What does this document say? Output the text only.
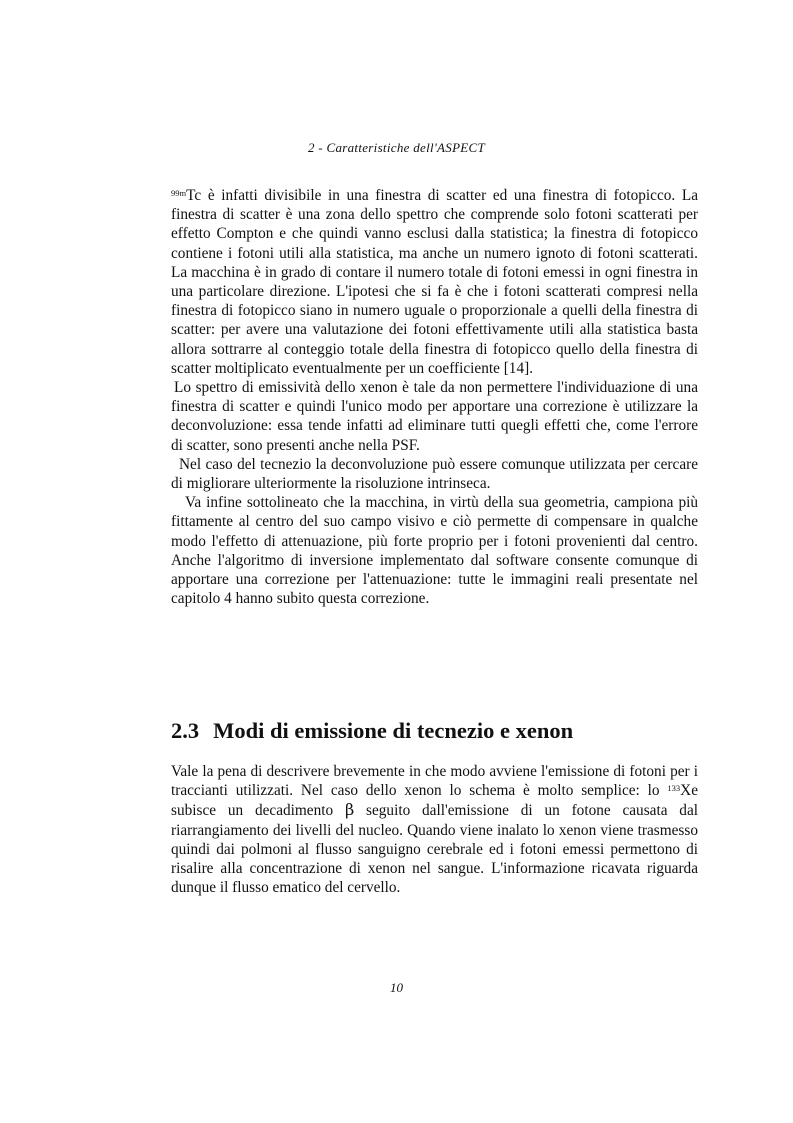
2 - Caratteristiche dell'ASPECT

$^{99m}$Tc è infatti divisibile in una finestra di scatter ed una finestra di fotopicco. La finestra di scatter è una zona dello spettro che comprende solo fotoni scatterati per effetto Compton e che quindi vanno esclusi dalla statistica; la finestra di fotopicco contiene i fotoni utili alla statistica, ma anche un numero ignoto di fotoni scatterati. La macchina è in grado di contare il numero totale di fotoni emessi in ogni finestra in una particolare direzione. L'ipotesi che si fa è che i fotoni scatterati compresi nella finestra di fotopicco siano in numero uguale o proporzionale a quelli della finestra di scatter: per avere una valutazione dei fotoni effettivamente utili alla statistica basta allora sottrarre al conteggio totale della finestra di fotopicco quello della finestra di scatter moltiplicato eventualmente per un coefficiente [14].

Lo spettro di emissività dello xenon è tale da non permettere l'individuazione di una finestra di scatter e quindi l'unico modo per apportare una correzione è utilizzare la deconvoluzione: essa tende infatti ad eliminare tutti quegli effetti che, come l'errore di scatter, sono presenti anche nella PSF.

Nel caso del tecnezio la deconvoluzione può essere comunque utilizzata per cercare di migliorare ulteriormente la risoluzione intrinseca.

Va infine sottolineato che la macchina, in virtù della sua geometria, campiona più fittamente al centro del suo campo visivo e ciò permette di compensare in qualche modo l'effetto di attenuazione, più forte proprio per i fotoni provenienti dal centro. Anche l'algoritmo di inversione implementato dal software consente comunque di apportare una correzione per l'attenuazione: tutte le immagini reali presentate nel capitolo 4 hanno subito questa correzione.

2.3 Modi di emissione di tecnezio e xenon

Vale la pena di descrivere brevemente in che modo avviene l'emissione di fotoni per i traccianti utilizzati. Nel caso dello xenon lo schema è molto semplice: lo $^{133}$Xe subisce un decadimento β seguito dall'emissione di un fotone causata dal riarrangiamento dei livelli del nucleo. Quando viene inalato lo xenon viene trasmesso quindi dai polmoni al flusso sanguigno cerebrale ed i fotoni emessi permettono di risalire alla concentrazione di xenon nel sangue. L'informazione ricavata riguarda dunque il flusso ematico del cervello.

10
